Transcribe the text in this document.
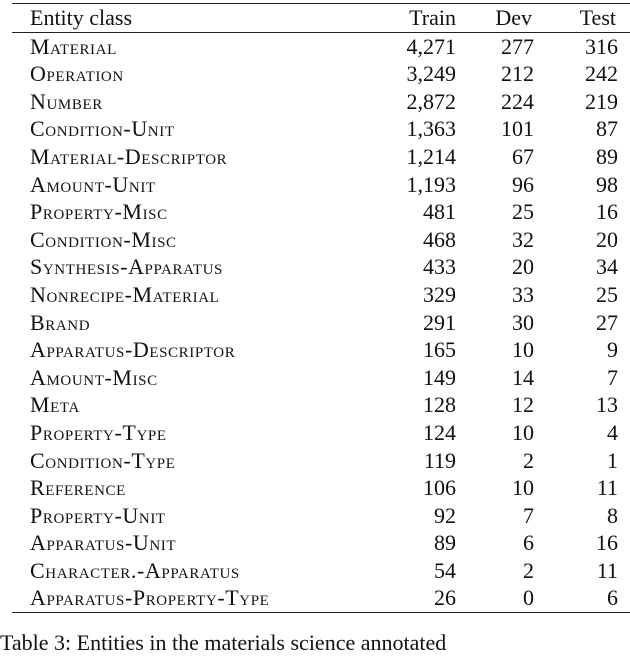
Entity class	Train	Dev	Test
Material	4,271	277	316
Operation	3,249	212	242
Number	2,872	224	219
Condition-Unit	1,363	101	87
Material-Descriptor	1,214	67	89
Amount-Unit	1,193	96	98
Property-Misc	481	25	16
Condition-Misc	468	32	20
Synthesis-Apparatus	433	20	34
Nonrecipe-Material	329	33	25
Brand	291	30	27
Apparatus-Descriptor	165	10	9
Amount-Misc	149	14	7
Meta	128	12	13
Property-Type	124	10	4
Condition-Type	119	2	1
Reference	106	10	11
Property-Unit	92	7	8
Apparatus-Unit	89	6	16
Character.-Apparatus	54	2	11
Apparatus-Property-Type	26	0	6
Table 3: Entities in the materials science annotated
